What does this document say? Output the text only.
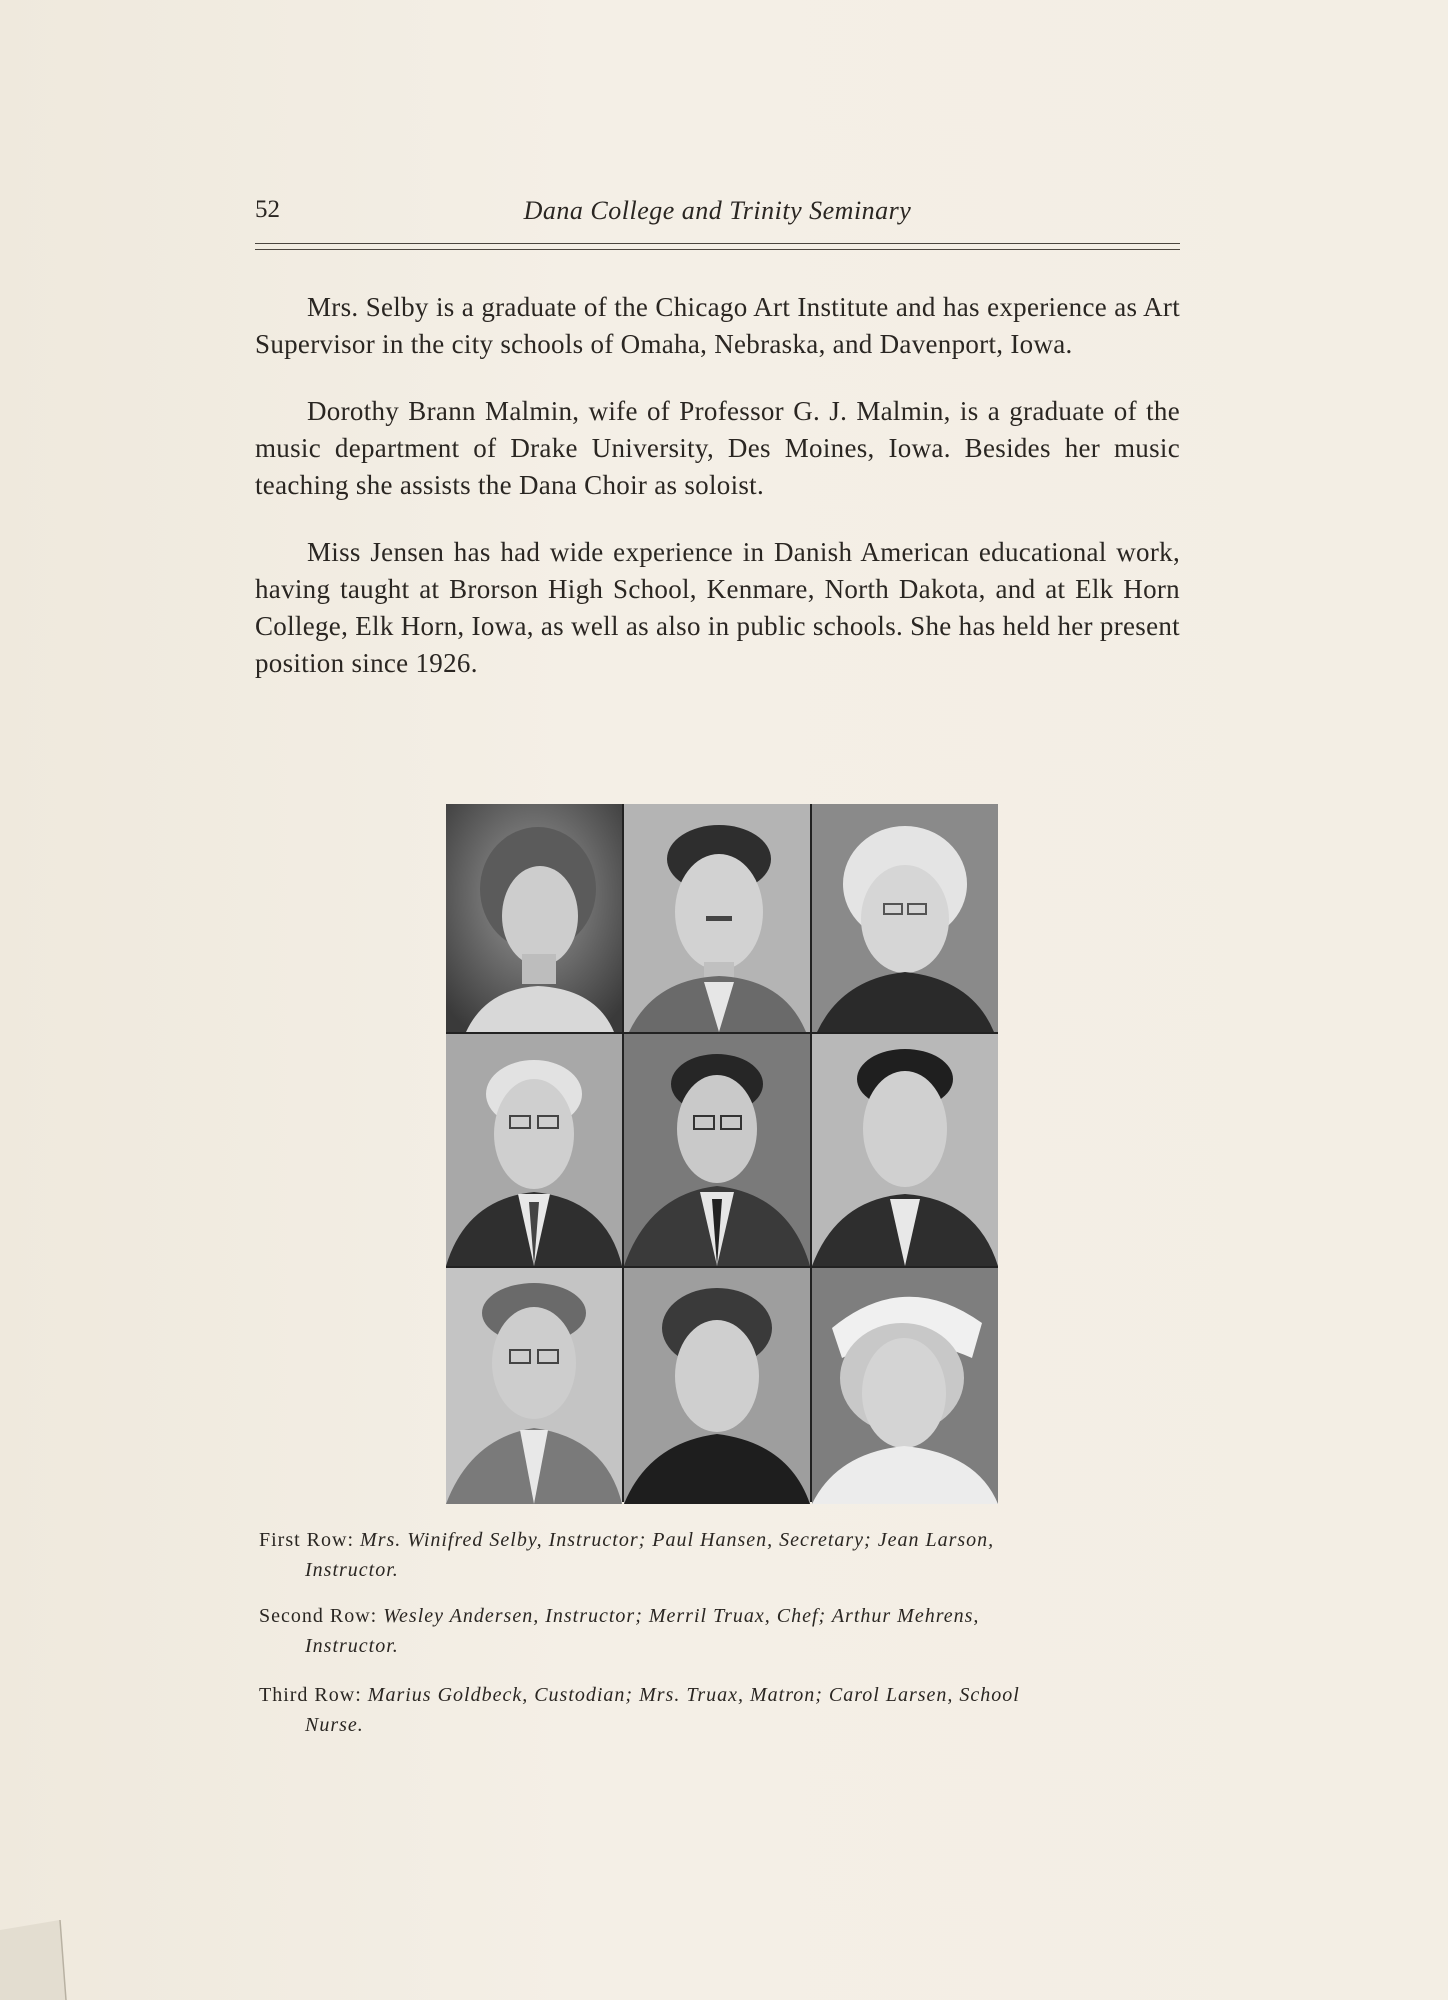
52	Dana College and Trinity Seminary

Mrs. Selby is a graduate of the Chicago Art Institute and has experience as Art Supervisor in the city schools of Omaha, Nebraska, and Davenport, Iowa.

Dorothy Brann Malmin, wife of Professor G. J. Malmin, is a graduate of the music department of Drake University, Des Moines, Iowa. Besides her music teaching she assists the Dana Choir as soloist.

Miss Jensen has had wide experience in Danish American educational work, having taught at Brorson High School, Kenmare, North Dakota, and at Elk Horn College, Elk Horn, Iowa, as well as also in public schools. She has held her present position since 1926.

First Row: Mrs. Winifred Selby, Instructor; Paul Hansen, Secretary; Jean Larson,
Instructor.
Second Row: Wesley Andersen, Instructor; Merril Truax, Chef; Arthur Mehrens,
Instructor.
Third Row: Marius Goldbeck, Custodian; Mrs. Truax, Matron; Carol Larsen, School
Nurse.
